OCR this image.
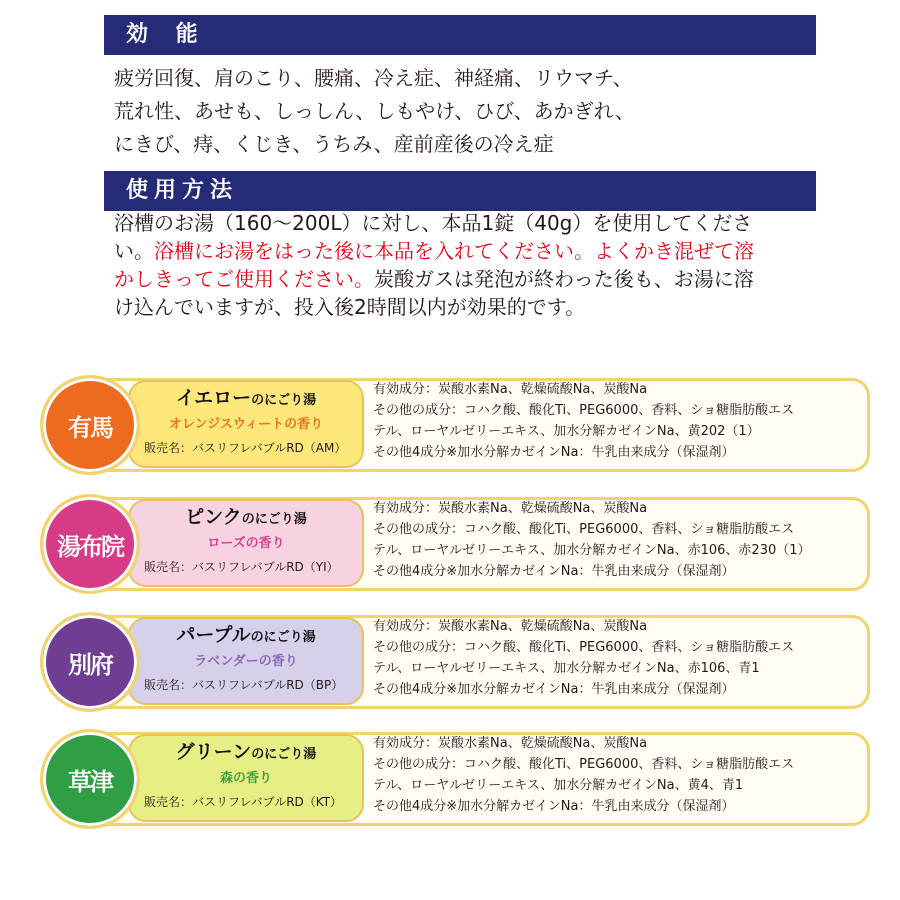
効 能
疲労回復、肩のこり、腰痛、冷え症、神経痛、リウマチ、
荒れ性、あせも、しっしん、しもやけ、ひび、あかぎれ、
にきび、痔、くじき、うちみ、産前産後の冷え症
使用方法
浴槽のお湯（160〜200L）に対し、本品1錠（40g）を使用してくださ
い。浴槽にお湯をはった後に本品を入れてください。よくかき混ぜて溶
かしきってご使用ください。炭酸ガスは発泡が終わった後も、お湯に溶
け込んでいますが、投入後2時間以内が効果的です。
有馬
イエローのにごり湯
オレンジスウィートの香り
販売名：バスリフレバブルRD（AM）
有効成分：炭酸水素Na、乾燥硫酸Na、炭酸Na
その他の成分：コハク酸、酸化Ti、PEG6000、香料、ショ糖脂肪酸エス
テル、ローヤルゼリーエキス、加水分解カゼインNa、黄202（1）
その他4成分※加水分解カゼインNa：牛乳由来成分（保湿剤）
湯布院
ピンクのにごり湯
ローズの香り
販売名：バスリフレバブルRD（YI）
有効成分：炭酸水素Na、乾燥硫酸Na、炭酸Na
その他の成分：コハク酸、酸化Ti、PEG6000、香料、ショ糖脂肪酸エス
テル、ローヤルゼリーエキス、加水分解カゼインNa、赤106、赤230（1）
その他4成分※加水分解カゼインNa：牛乳由来成分（保湿剤）
別府
パープルのにごり湯
ラベンダーの香り
販売名：バスリフレバブルRD（BP）
有効成分：炭酸水素Na、乾燥硫酸Na、炭酸Na
その他の成分：コハク酸、酸化Ti、PEG6000、香料、ショ糖脂肪酸エス
テル、ローヤルゼリーエキス、加水分解カゼインNa、赤106、青1
その他4成分※加水分解カゼインNa：牛乳由来成分（保湿剤）
草津
グリーンのにごり湯
森の香り
販売名：バスリフレバブルRD（KT）
有効成分：炭酸水素Na、乾燥硫酸Na、炭酸Na
その他の成分：コハク酸、酸化Ti、PEG6000、香料、ショ糖脂肪酸エス
テル、ローヤルゼリーエキス、加水分解カゼインNa、黄4、青1
その他4成分※加水分解カゼインNa：牛乳由来成分（保湿剤）
